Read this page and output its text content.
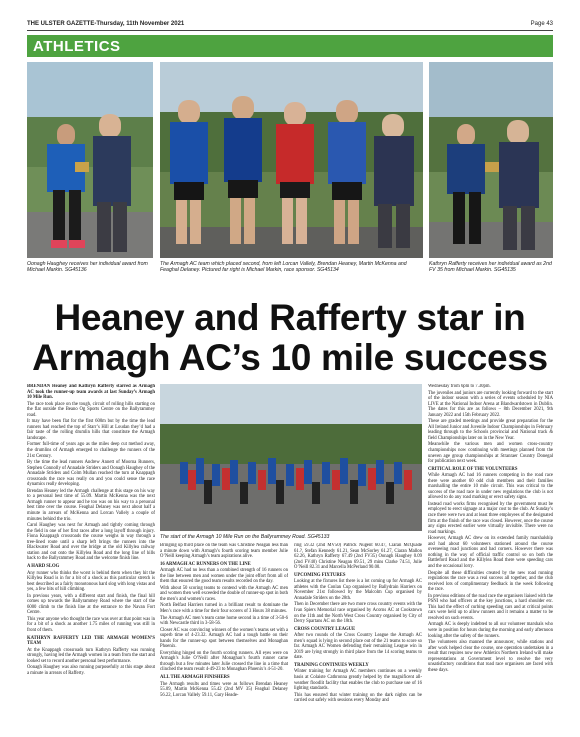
THE ULSTER GAZETTE-Thursday, 11th November 2021	Page 43
ATHLETICS
Oonagh Haughey receives her individual award from Michael Markin. SG45136
The Armagh AC team which placed second, from left Lorcan Vallely, Brendan Heaney, Martin McKenna and Feaghal Delaney. Pictured far right is Michael Markin, race sponsor. SG45134
Kathryn Rafferty receives her individual award as 2nd FV 35 from Michael Markin. SG45135
Heaney and Rafferty star in
Armagh AC’s 10 mile success

BRENDAN Heaney and Kathryn Rafferty starred as Armagh AC took the runner-up team awards at last Sunday’s Armagh 10 Mile Run.

The race took place on the tough, circuit of rolling hills starting on the flat outside the Beano Og Sports Centre on the Ballyrammey road.

It may have been flat for the first 600m but by the time the lead runners had reached the top of Starr’s Hill at Loudan they’d had a fair taste of the rolling drumlin hills that constitute the Armagh landscape.

Former full-time of years ago as the miles deep cut method away, the drumlins of Armagh emerged to challenge the runners of the 21st Century.

By the time the lead runners Andrew Annett of Moorna Runners, Stephen Connolly of Annadale Striders and Oonagh Haughey of the Annadale Striders and Colm Mullan reached the turn at Knappagh crossroads the race was really on and you could sense the race dynamics really developing.

Brendan Heaney led the Armagh challenge at this stage on his way to a personal best time of 55.09. Martin McKenna was the next Armagh runner to appear and he too was on his way to a personal best time over the course. Feaghal Delaney was next about half a minute in arrears of McKenna and Lorcan Vallely a couple of minutes behind the trio.

Carol Haughey was next for Armagh and tightly coming through the field in one of her first races after a long layoff through injury. Fiona Knappagh crossroads the course weighs in way through a tree-lined route until a sharp left brings the runners into the Blackwater Road and over the bridge at the old Killylea railway station and out onto the Killylea Road and the long line of hills back to the Ballyrammey Road and the welcome finish line.

A HARD SLOG

Any runner who thinks the worst is behind them when they hit the Killylea Road is in for a bit of a shock as this particular stretch is best described as a fairly monotonous hard slog with long vistas and yes, a few bits of hill climbing.

In previous years, with a different start and finish, the final hill comes up towards the Ballyrammey Road where the start of the 6000 climb to the finish line at the entrance to the Navan Fort Centre.

This year anyone who thought the race was over at that point was in for a bit of a shock as another 1.75 miles of running was still in front of them.

KATHRYN RAFFERTY LED THE ARMAGH WOMEN’S TEAM

At the Knappagh crossroads turn Kathryn Rafferty was running strongly, having led the Armagh women in a team from the start and looked set to record another personal best performance.

Oonagh Haughey was also running purposefully at this stage about a minute in arrears of Rafferty.

The start of the Armagh 10 Mile Run on the Ballyrammey Road. SG45133

Bringing up third place on the team was Christine Neagan less than a minute down with Armagh’s fourth scoring team member Julie O’Neill keeping Armagh’s team aspirations alive.

16 ARMAGH AC RUNNERS ON THE LINE

Armagh AC had no less than a combined strength of 16 runners on the line between men and women under the joint effort from all of them that ensured the good team results recorded on the day.

With about 50 scoring teams to contend with the Armagh AC men and women then well exceeded the double of runner-up spot in both the men’s and women’s races.

North Belfast Harriers turned in a brilliant result to dominate the Men’s race with a time for their four scorers of 3 Hours 38 minutes.

The Armagh AC men’s team came home second in a time of 3-50-6 with Newcastle third in 3-58-56.

Closer AC was convincing winners of the women’s teams set with a superb time of 4-23.32. Armagh AC had a tough battle on their hands for the runner-up spot between themselves and Monaghan Phoenix.

Everything hinged on the fourth scoring runners. All eyes were on Armagh’s Julie O’Neill after Monaghan’s fourth runner came through but a few minutes later Julie crossed the line in a time that clinched the team result 4-49-23 to Monaghan Phoenix’s 4-51-20.

ALL THE ARMAGH FINISHERS

The Armagh results and times were as follows Brendan Heaney 55.09, Martin McKenna 55.42 (2nd MV 35) Feaghal Delaney 56.22, Lorcan Vallely 59.11, Gary Heade-

ring 59.32 (2nd MV50) Patrick Nugent 60.47, Ciaran McQuade 61.?, Stefan Kennedy 61.21, Sean McSorley 61.27, Ciaran Mallon 62.26, Kathryn Rafferty 67.49 (2nd FV35) Oonagh Haughey 0.09 (2nd FV40) Christine Neagan 69.51, 29 mins Clarke 74.51, Julie O’Neill 82.31 and Marcella McPerland 90.00.

UPCOMING FIXTURES

Looking at the fixtures list there is a lot coming up for Armagh AC athletes with the Conlan Cup organised by Ballydrain Harriers on November 21st followed by the Malcolm Cup organised by Annadale Striders on the 28th.

Then in December there are two more cross country events with the Ivan Spiers Memorial race organised by Acorns AC at Cookstown on the 11th and the North West Cross Country organised by City of Derry Spartans AC on the 18th.

CROSS COUNTRY LEAGUE

After two rounds of the Cross Country League the Armagh AC men’s squad is lying in second place out of the 21 teams to score so far. Armagh AC Women defending their remaining League win in 2019 are lying strongly in third place from the 14 scoring teams to date.

TRAINING CONTINUES WEEKLY

Winter training for Armagh AC members continues on a weekly basis at Colaiste Cathronna greatly helped by the magnificent all-weather floodlit facility that enables the club to purchase use of 16 lighting standards.

This has ensured that winter training on the dark nights can be carried out safely with sessions every Monday and

Wednesday from 6pm to 7.30pm.

The juveniles and juniors are currently looking forward to the start of the indoor season with a series of events scheduled by NIA LIVE at the National Indoor Arena at Blandwardstown in Dublin. The dates for this are as follows – 8th December 2021, 9th January 2022 and 15th February 2022.

These are graded meetings and provide great preparation for the All Ireland Junior and Juvenile Indoor Championships in February leading through to the Schools provincial and National track & field Championships later on in the New Year.

Meanwhile the various men and women cross-country championships now continuing with meetings planned from the uneven age group championships at Stranraer Country Donegal for publication next week.

CRITICAL ROLE OF THE VOLUNTEERS

While Armagh AC had 16 runners competing in the road race there were another 60 odd club members and their families marshalling the entire 10 mile circuit. This was critical to the success of the road race in under new regulations the club is not allowed to do any road marking or erect safety signs.

Instead road works firms recognised by the government must be employed to erect signage at a major cost to the club. At Sunday’s race there were two and at least three employees of the designated firm at the finish of the race was closed. However, once the course any signs erected earlier were virtually invisible. There were no road markings.

However, Armagh AC drew on its extended family marshalship and had about 60 volunteers stationed around the course overseeing road junctions and bad corners. However there was nothing in the way of official traffic control so on both the Battleford Road and the Killylea Road there were speeding cars and the occasional lorry.

Despite all these difficulties created by the new road running regulations the race was a real success all together, and the club received lots of complimentary feedback in the week following the race.

In previous editions of the road race the organisers liaised with the PSNI who had officers at the key junctions, a hard shoulder etc. This had the effect of curbing speeding cars and at critical points cars were held up to allow runners and it remains a matter to be resolved on such events.

Armagh AC is deeply indebted to all our volunteer marshals who were in position for hours during the morning and early afternoon looking after the safety of the runners.

The volunteers also manned the announcer, while stations and after work helped clear the course, one operation undertaken in a result that requires now new Athletics Northern Ireland will make representations at Government level to resolve the very unsatisfactory conditions that road race organisers are faced with these days.
